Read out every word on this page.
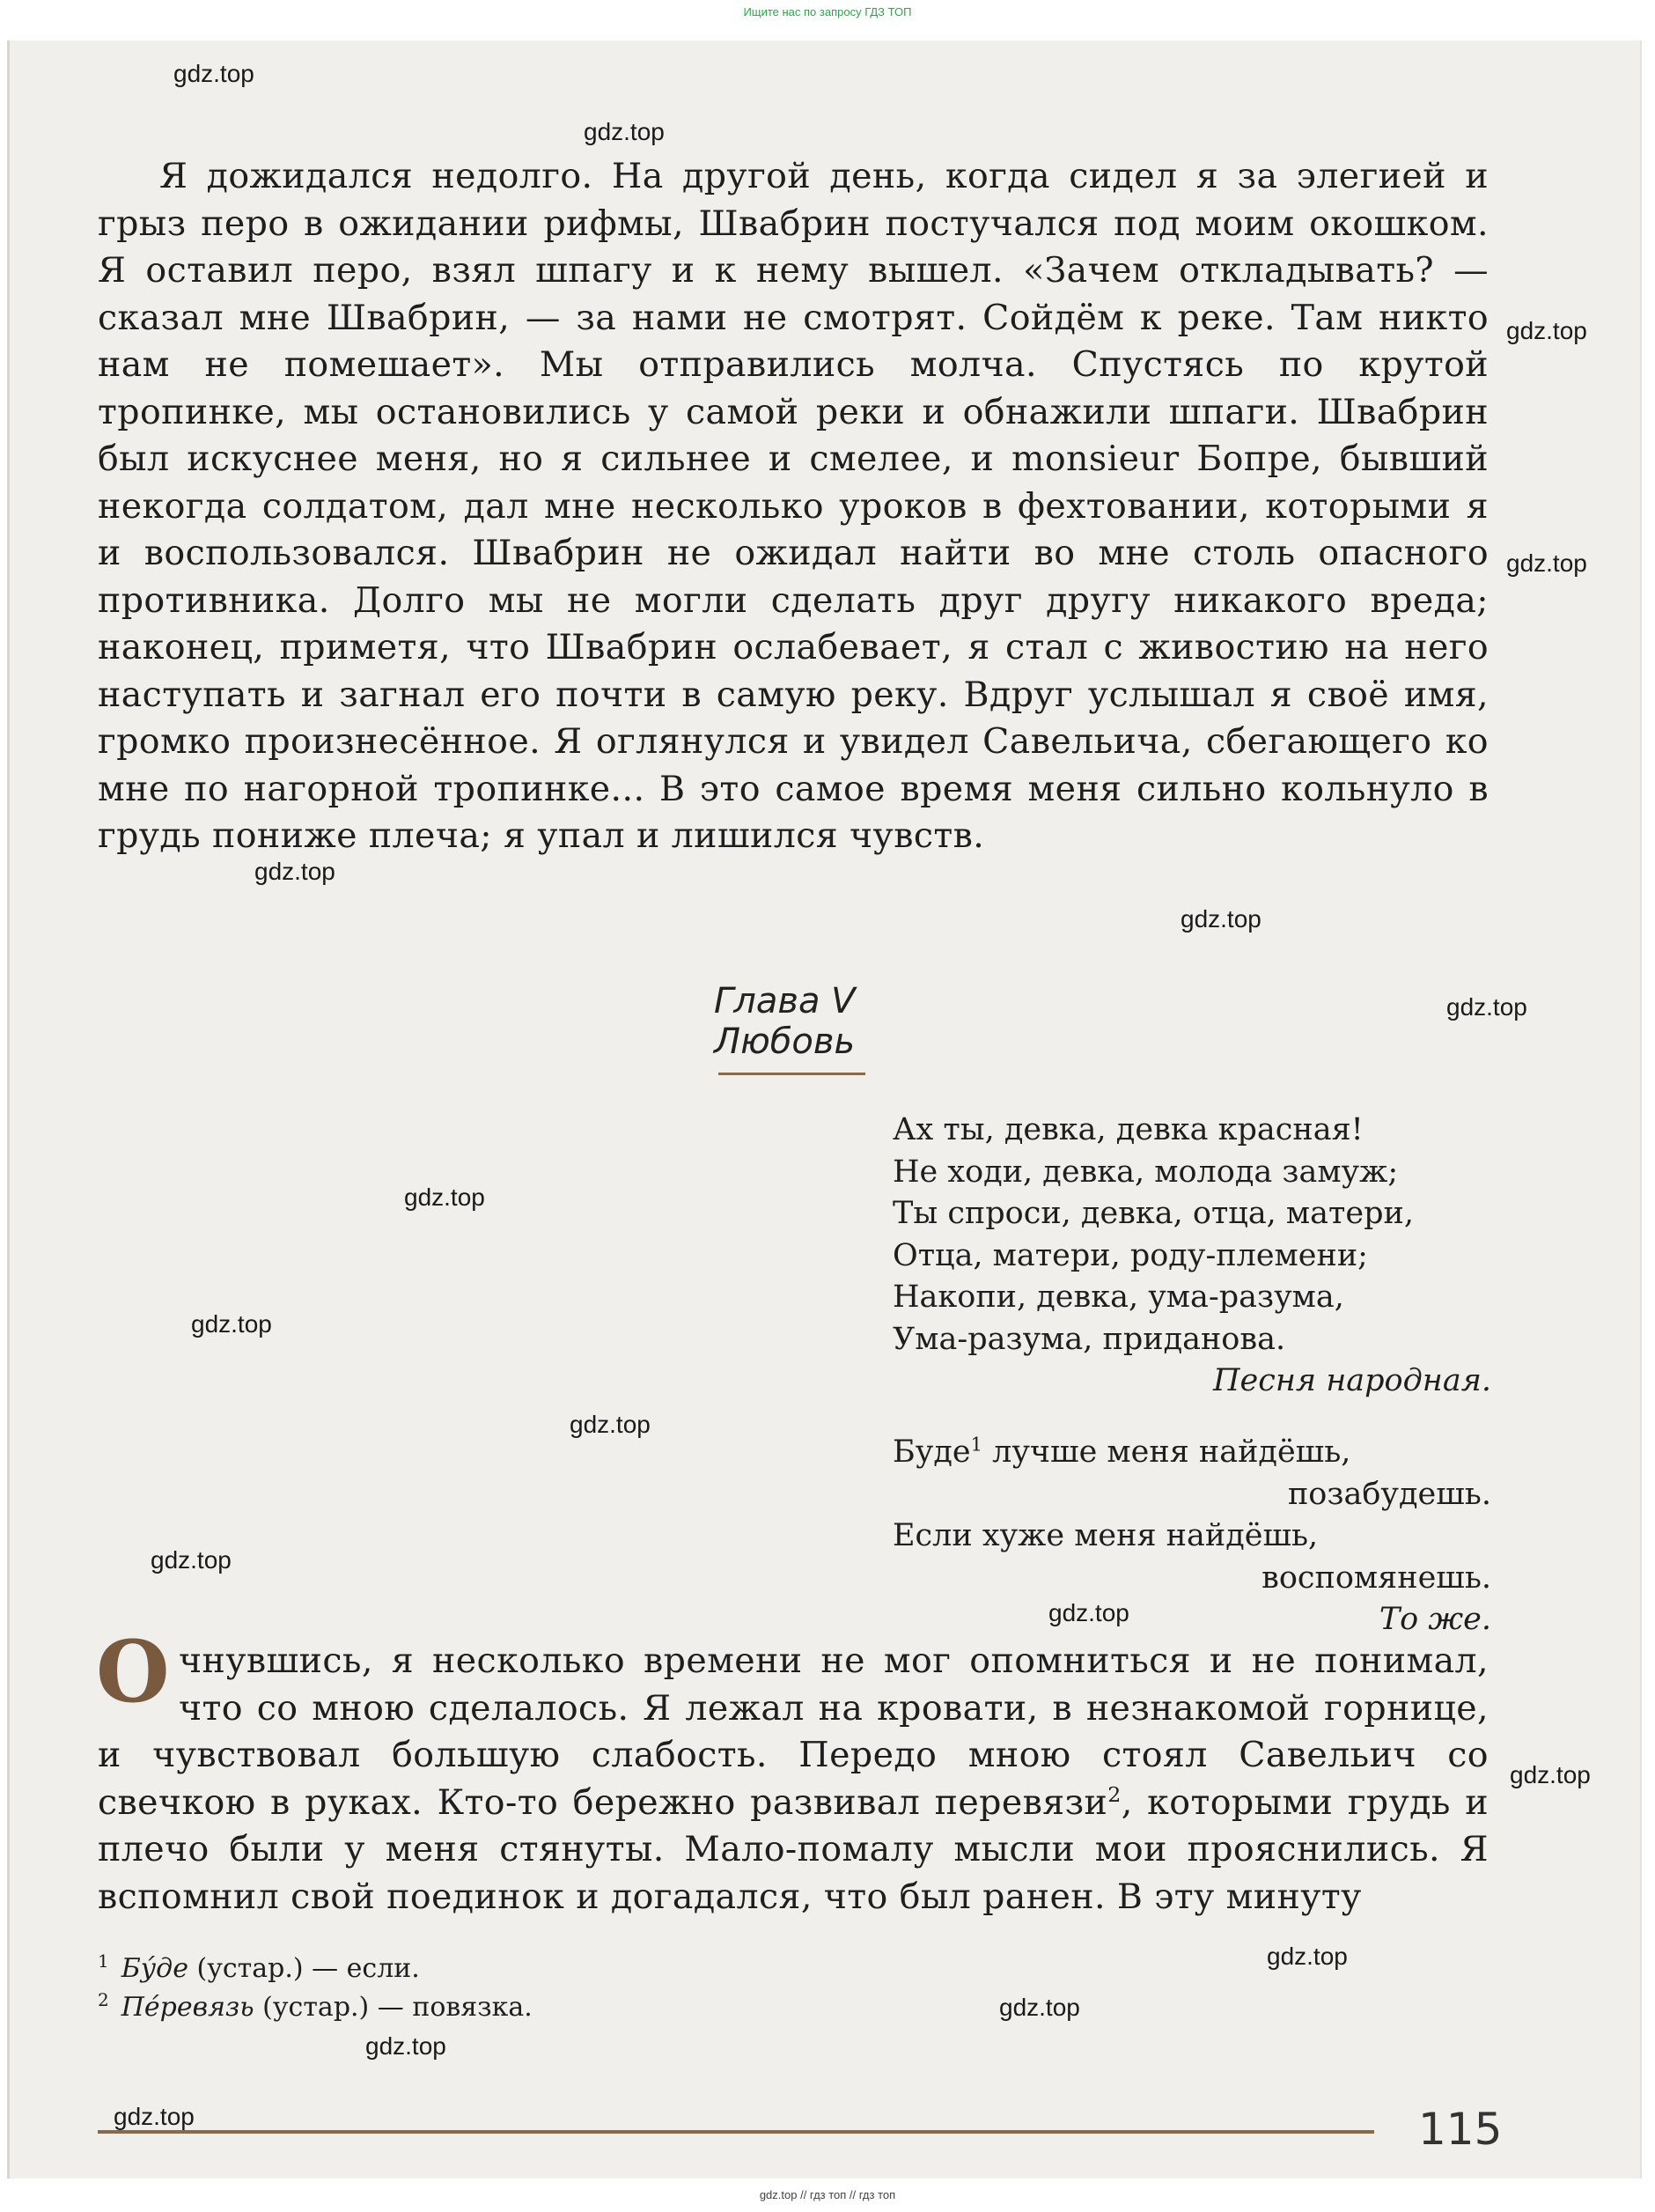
Ищите нас по запросу ГДЗ ТОП

Я дожидался недолго. На другой день, когда сидел я за элегией и грыз перо в ожидании рифмы, Швабрин постучался под моим окошком. Я оставил перо, взял шпагу и к нему вышел. «Зачем откладывать? — сказал мне Швабрин, — за нами не смотрят. Сойдём к реке. Там никто нам не помешает». Мы отправились молча. Спустясь по крутой тропинке, мы остановились у самой реки и обнажили шпаги. Швабрин был искуснее меня, но я сильнее и смелее, и monsieur Бопре, бывший некогда солдатом, дал мне несколько уроков в фехтовании, которыми я и воспользовался. Швабрин не ожидал найти во мне столь опасного противника. Долго мы не могли сделать друг другу никакого вреда; наконец, приметя, что Швабрин ослабевает, я стал с живостию на него наступать и загнал его почти в самую реку. Вдруг услышал я своё имя, громко произнесённое. Я оглянулся и увидел Савельича, сбегающего ко мне по нагорной тропинке... В это самое время меня сильно кольнуло в грудь пониже плеча; я упал и лишился чувств.

Глава V
Любовь
Ах ты, девка, девка красная!
Не ходи, девка, молода замуж;
Ты спроси, девка, отца, матери,
Отца, матери, роду-племени;
Накопи, девка, ума-разума,
Ума-разума, приданова.
Песня народная.
Буде$^1$ лучше меня найдёшь,
позабудешь.
Если хуже меня найдёшь,
воспомянешь.
То же.

Очнувшись, я несколько времени не мог опомниться и не понимал, что со мною сделалось. Я лежал на кровати, в незнакомой горнице, и чувствовал большую слабость. Передо мною стоял Савельич со свечкою в руках. Кто-то бережно развивал перевязи$^2$, которыми грудь и плечо были у меня стянуты. Мало-помалу мысли мои прояснились. Я вспомнил свой поединок и догадался, что был ранен. В эту минуту

$^1$ Бу́де (устар.) — если.
$^2$ Пе́ревязь (устар.) — повязка.
115
gdz.top
gdz.top
gdz.top
gdz.top
gdz.top
gdz.top
gdz.top
gdz.top
gdz.top
gdz.top
gdz.top
gdz.top
gdz.top
gdz.top
gdz.top
gdz.top
gdz.top
gdz.top // гдз топ // гдз топ
